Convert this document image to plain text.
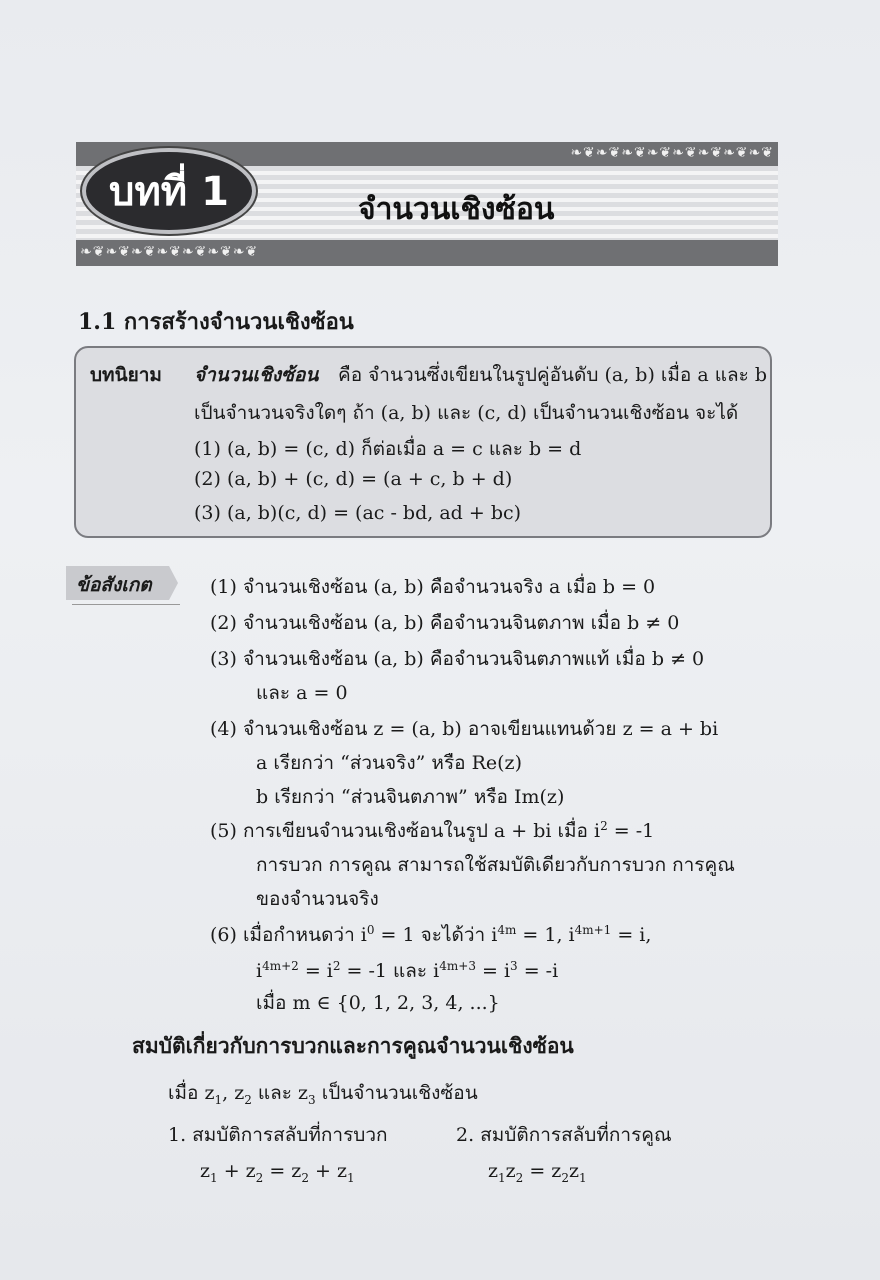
❧❦❧❦❧❦❧❦❧❦❧❦❧❦❧❦
❧❦❧❦❧❦❧❦❧❦❧❦❧❦
บทที่ 1	จำนวนเชิงซ้อน
1.1 การสร้างจำนวนเชิงซ้อน
บทนิยาม จำนวนเชิงซ้อน คือ จำนวนซึ่งเขียนในรูปคู่อันดับ (a, b) เมื่อ a และ b
เป็นจำนวนจริงใดๆ ถ้า (a, b) และ (c, d) เป็นจำนวนเชิงซ้อน จะได้
(1) (a, b) = (c, d) ก็ต่อเมื่อ a = c และ b = d
(2) (a, b) + (c, d) = (a + c, b + d)
(3) (a, b)(c, d) = (ac - bd, ad + bc)
ข้อสังเกต	(1) จำนวนเชิงซ้อน (a, b) คือจำนวนจริง a เมื่อ b = 0
(2) จำนวนเชิงซ้อน (a, b) คือจำนวนจินตภาพ เมื่อ b ≠ 0
(3) จำนวนเชิงซ้อน (a, b) คือจำนวนจินตภาพแท้ เมื่อ b ≠ 0
และ a = 0
(4) จำนวนเชิงซ้อน z = (a, b) อาจเขียนแทนด้วย z = a + bi
a เรียกว่า “ส่วนจริง” หรือ Re(z)
b เรียกว่า “ส่วนจินตภาพ” หรือ Im(z)
(5) การเขียนจำนวนเชิงซ้อนในรูป a + bi เมื่อ $i^2 = -1$
การบวก การคูณ สามารถใช้สมบัติเดียวกับการบวก การคูณ
ของจำนวนจริง
(6) เมื่อกำหนดว่า $i^0 = 1$ จะได้ว่า $i^{4m} = 1$, $i^{4m+1} = i$,
$i^{4m+2} = i^2 = -1$ และ $i^{4m+3} = i^3 = -i$
เมื่อ m ∈ {0, 1, 2, 3, 4, ...}
สมบัติเกี่ยวกับการบวกและการคูณจำนวนเชิงซ้อน
เมื่อ $z_1$, $z_2$ และ $z_3$ เป็นจำนวนเชิงซ้อน
1. สมบัติการสลับที่การบวก	2. สมบัติการสลับที่การคูณ
$z_1 + z_2 = z_2 + z_1$	$z_1z_2 = z_2z_1$
